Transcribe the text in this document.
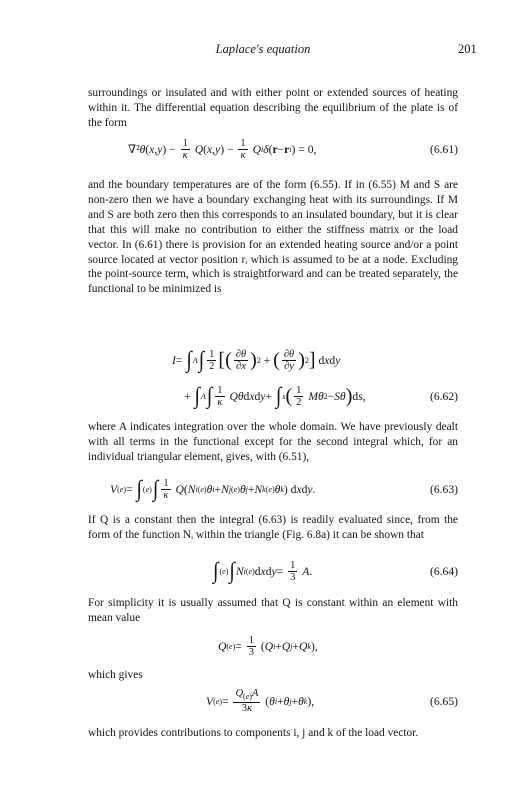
Laplace's equation	201

surroundings or insulated and with either point or extended sources of heating within it. The differential equation describing the equilibrium of the plate is of the form

∇² θ ( x , y ) − $\frac{1}{\kappa}$
Q ( x , y ) − $\frac{1}{\kappa}$
Q i δ ( r − r i ) = 0,	(6.61)

and the boundary temperatures are of the form (6.55). If in (6.55) M and S are non-zero then we have a boundary exchanging heat with its surroundings. If M and S are both zero then this corresponds to an insulated boundary, but it is clear that this will make no contribution to either the stiffness matrix or the load vector. In (6.61) there is provision for an extended heating source and/or a point source located at vector position rᵢ which is assumed to be at a node. Excluding the point-source term, which is straightforward and can be treated separately, the functional to be minimized is

I = ∫ A ∫ $\frac{1}{2}$ [ ( $\frac{\partial\theta}{\partial x}$ ) 2 + ( $\frac{\partial\theta}{\partial y}$ ) 2 ] d x d y
+ ∫ A ∫ $\frac{1}{\kappa}$
Qθ d x d y + ∫ s ( $\frac{1}{2}$
Mθ 2 − Sθ ) d s ,	(6.62)

where A indicates integration over the whole domain. We have previously dealt with all terms in the functional except for the second integral which, for an individual triangular element, gives, with (6.51),

V (e) = ∫ (e) ∫ $\frac{1}{\kappa}$
Q ( N i (e) θ i + N j (e) θ j + N k (e) θ k ) d x d y .	(6.63)

If Q is a constant then the integral (6.63) is readily evaluated since, from the form of the function Nᵢ within the triangle (Fig. 6.8a) it can be shown that

∫ (e) ∫ N i (e) d x d $y = \frac{1}{3}$
A .	(6.64)

For simplicity it is usually assumed that Q is constant within an element with mean value

Q $(e) = \frac{1}{3}$ ( Q i + Q j + Q k ),

which gives

V $(e) = \frac{Q_{(e)}A}{3\kappa}$ ( θ i + θ j + θ k ),	(6.65)

which provides contributions to components i, j and k of the load vector.
